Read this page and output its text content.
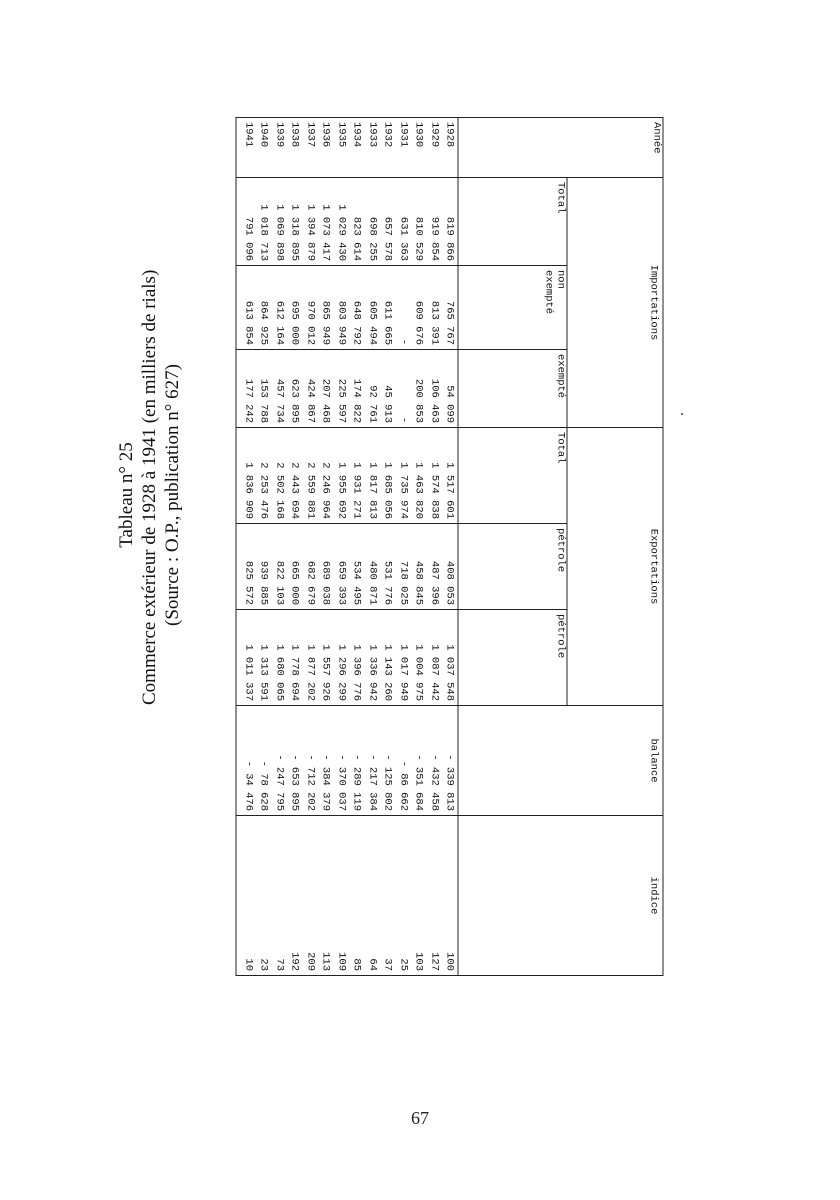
Tableau n° 25 Commerce extérieur de 1928 à 1941 (en milliers de rials) (Source : O.P., publication n° 627)
Année	Importations			Exportations			balance	indice
	Total	non
exempté	exempté	Total	pétrole	pétrole		
1928	819 866	765 767	54 099	1 517 601	408 053	1 037 548	- 339 813	100
1929	919 854	813 391	106 463	1 574 838	487 396	1 087 442	- 432 458	127
1930	810 529	609 676	200 853	1 463 820	458 845	1 004 975	- 351 684	103
1931	631 363	-	-	1 735 974	718 025	1 017 949	- 86 662	25
1932	657 578	611 665	45 913	1 685 056	531 776	1 143 260	- 125 802	37
1933	698 255	605 494	92 761	1 817 813	480 871	1 336 942	- 217 384	64
1934	823 614	648 792	174 822	1 931 271	534 495	1 396 776	- 289 119	85
1935	1 029 430	803 949	225 597	1 955 692	659 393	1 296 299	- 370 037	109
1936	1 073 417	865 949	207 468	2 246 964	689 038	1 557 926	- 384 379	113
1937	1 394 879	970 012	424 867	2 559 881	682 679	1 877 202	- 712 202	209
1938	1 318 895	695 000	623 895	2 443 694	665 000	1 778 694	- 653 895	192
1939	1 069 898	612 164	457 734	2 502 168	822 103	1 680 065	- 247 795	73
1940	1 018 713	864 925	153 788	2 253 476	939 885	1 313 591	- 78 628	23
1941	791 096	613 854	177 242	1 836 909	825 572	1 011 337	- 34 476	10
67
